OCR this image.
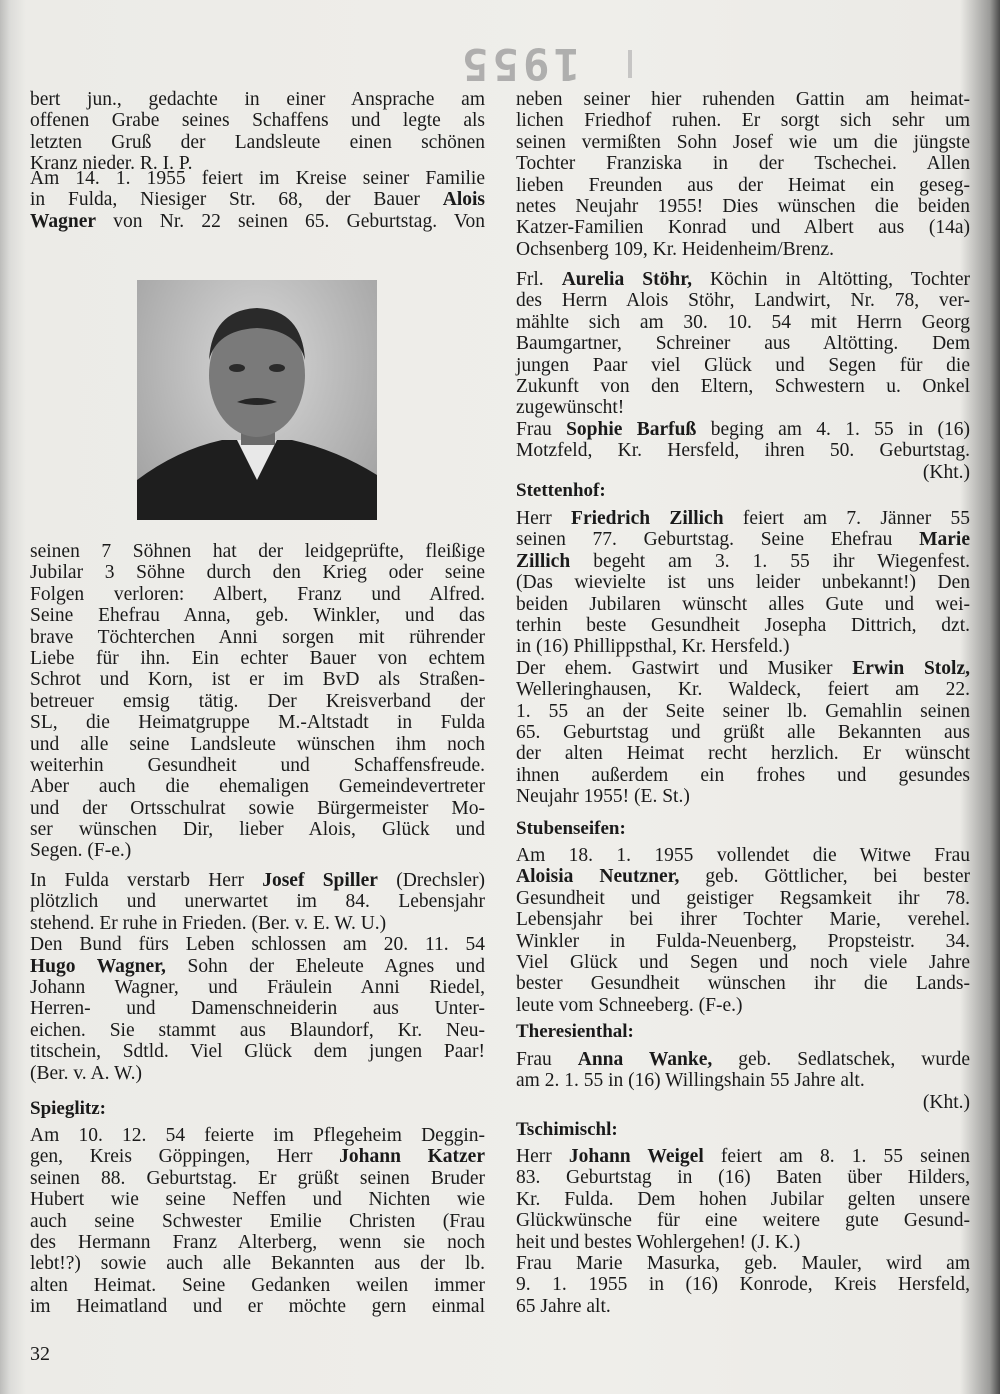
1955
bert jun., gedachte in einer Ansprache am
offenen Grabe seines Schaffens und legte als
letzten Gruß der Landsleute einen schönen
Kranz nieder. R. I. P.
Am 14. 1. 1955 feiert im Kreise seiner Familie
in Fulda, Niesiger Str. 68, der Bauer Alois
Wagner von Nr. 22 seinen 65. Geburtstag. Von
seinen 7 Söhnen hat der leidgeprüfte, fleißige
Jubilar 3 Söhne durch den Krieg oder seine
Folgen verloren: Albert, Franz und Alfred.
Seine Ehefrau Anna, geb. Winkler, und das
brave Töchterchen Anni sorgen mit rührender
Liebe für ihn. Ein echter Bauer von echtem
Schrot und Korn, ist er im BvD als Straßen-
betreuer emsig tätig. Der Kreisverband der
SL, die Heimatgruppe M.-Altstadt in Fulda
und alle seine Landsleute wünschen ihm noch
weiterhin Gesundheit und Schaffensfreude.
Aber auch die ehemaligen Gemeindevertreter
und der Ortsschulrat sowie Bürgermeister Mo-
ser wünschen Dir, lieber Alois, Glück und
Segen. (F-e.)
In Fulda verstarb Herr Josef Spiller (Drechsler)
plötzlich und unerwartet im 84. Lebensjahr
stehend. Er ruhe in Frieden. (Ber. v. E. W. U.)
Den Bund fürs Leben schlossen am 20. 11. 54
Hugo Wagner, Sohn der Eheleute Agnes und
Johann Wagner, und Fräulein Anni Riedel,
Herren- und Damenschneiderin aus Unter-
eichen. Sie stammt aus Blaundorf, Kr. Neu-
titschein, Sdtld. Viel Glück dem jungen Paar!
(Ber. v. A. W.)
Spieglitz:
Am 10. 12. 54 feierte im Pflegeheim Deggin-
gen, Kreis Göppingen, Herr Johann Katzer
seinen 88. Geburtstag. Er grüßt seinen Bruder
Hubert wie seine Neffen und Nichten wie
auch seine Schwester Emilie Christen (Frau
des Hermann Franz Alterberg, wenn sie noch
lebt!?) sowie auch alle Bekannten aus der lb.
alten Heimat. Seine Gedanken weilen immer
im Heimatland und er möchte gern einmal
32
neben seiner hier ruhenden Gattin am heimat-
lichen Friedhof ruhen. Er sorgt sich sehr um
seinen vermißten Sohn Josef wie um die jüngste
Tochter Franziska in der Tschechei. Allen
lieben Freunden aus der Heimat ein geseg-
netes Neujahr 1955! Dies wünschen die beiden
Katzer-Familien Konrad und Albert aus (14a)
Ochsenberg 109, Kr. Heidenheim/Brenz.
Frl. Aurelia Stöhr, Köchin in Altötting, Tochter
des Herrn Alois Stöhr, Landwirt, Nr. 78, ver-
mählte sich am 30. 10. 54 mit Herrn Georg
Baumgartner, Schreiner aus Altötting. Dem
jungen Paar viel Glück und Segen für die
Zukunft von den Eltern, Schwestern u. Onkel
zugewünscht!
Frau Sophie Barfuß beging am 4. 1. 55 in (16)
Motzfeld, Kr. Hersfeld, ihren 50. Geburtstag.
(Kht.)
Stettenhof:
Herr Friedrich Zillich feiert am 7. Jänner 55
seinen 77. Geburtstag. Seine Ehefrau Marie
Zillich begeht am 3. 1. 55 ihr Wiegenfest.
(Das wievielte ist uns leider unbekannt!) Den
beiden Jubilaren wünscht alles Gute und wei-
terhin beste Gesundheit Josepha Dittrich, dzt.
in (16) Phillippsthal, Kr. Hersfeld.)
Der ehem. Gastwirt und Musiker Erwin Stolz,
Welleringhausen, Kr. Waldeck, feiert am 22.
1. 55 an der Seite seiner lb. Gemahlin seinen
65. Geburtstag und grüßt alle Bekannten aus
der alten Heimat recht herzlich. Er wünscht
ihnen außerdem ein frohes und gesundes
Neujahr 1955! (E. St.)
Stubenseifen:
Am 18. 1. 1955 vollendet die Witwe Frau
Aloisia Neutzner, geb. Göttlicher, bei bester
Gesundheit und geistiger Regsamkeit ihr 78.
Lebensjahr bei ihrer Tochter Marie, verehel.
Winkler in Fulda-Neuenberg, Propsteistr. 34.
Viel Glück und Segen und noch viele Jahre
bester Gesundheit wünschen ihr die Lands-
leute vom Schneeberg. (F-e.)
Theresienthal:
Frau Anna Wanke, geb. Sedlatschek, wurde
am 2. 1. 55 in (16) Willingshain 55 Jahre alt.
(Kht.)
Tschimischl:
Herr Johann Weigel feiert am 8. 1. 55 seinen
83. Geburtstag in (16) Baten über Hilders,
Kr. Fulda. Dem hohen Jubilar gelten unsere
Glückwünsche für eine weitere gute Gesund-
heit und bestes Wohlergehen! (J. K.)
Frau Marie Masurka, geb. Mauler, wird am
9. 1. 1955 in (16) Konrode, Kreis Hersfeld,
65 Jahre alt.
